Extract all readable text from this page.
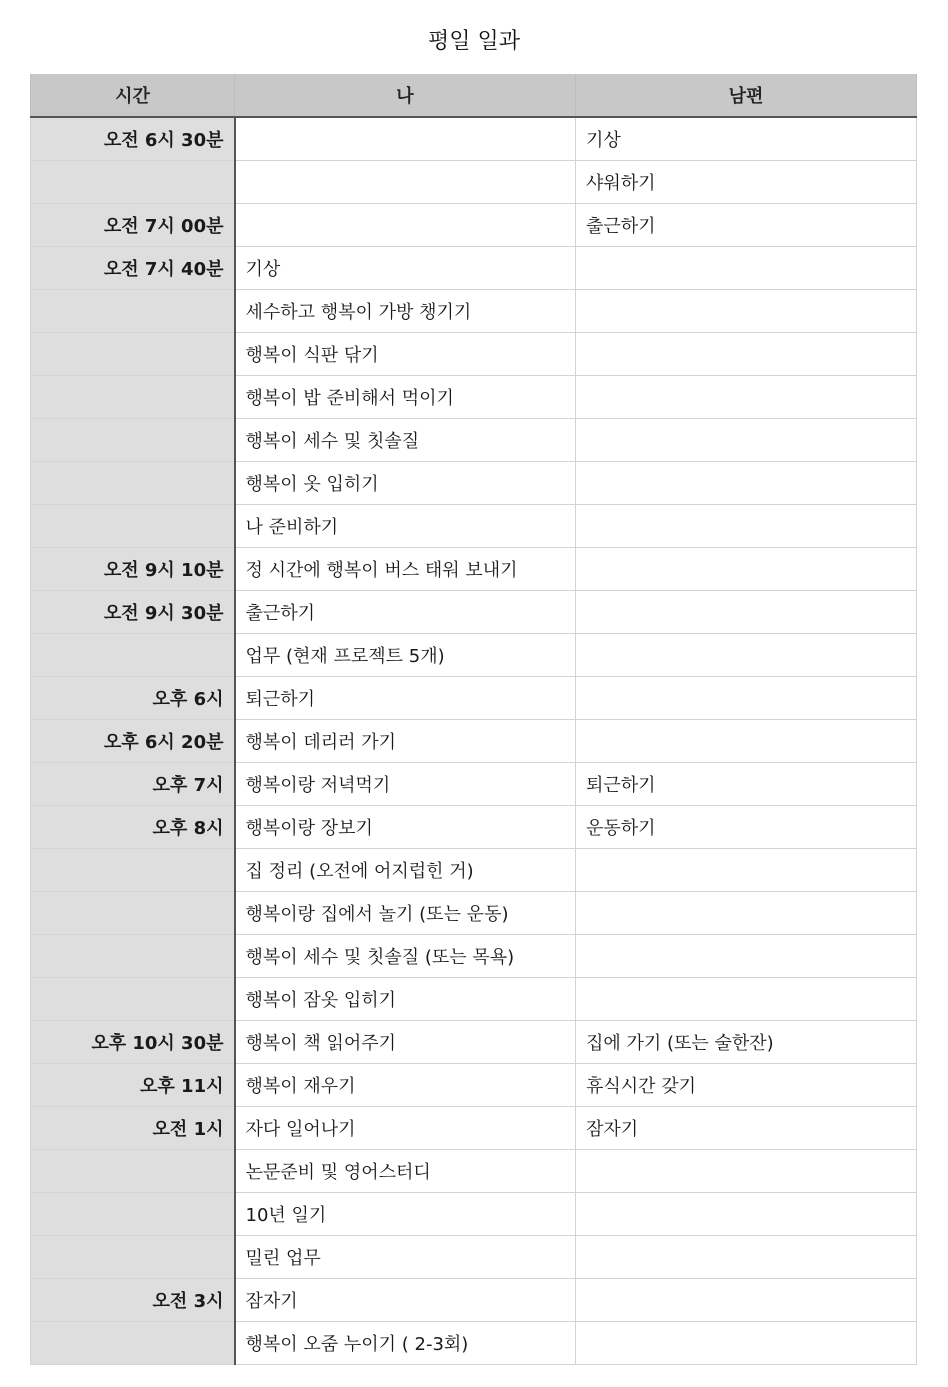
평일 일과
시간	나	남편
오전 6시 30분		기상
		샤워하기
오전 7시 00분		출근하기
오전 7시 40분	기상	
	세수하고 행복이 가방 챙기기	
	행복이 식판 닦기	
	행복이 밥 준비해서 먹이기	
	행복이 세수 및 칫솔질	
	행복이 옷 입히기	
	나 준비하기	
오전 9시 10분	정 시간에 행복이 버스 태워 보내기	
오전 9시 30분	출근하기	
	업무 (현재 프로젝트 5개)	
오후 6시	퇴근하기	
오후 6시 20분	행복이 데리러 가기	
오후 7시	행복이랑 저녁먹기	퇴근하기
오후 8시	행복이랑 장보기	운동하기
	집 정리 (오전에 어지럽힌 거)	
	행복이랑 집에서 놀기 (또는 운동)	
	행복이 세수 및 칫솔질 (또는 목욕)	
	행복이 잠옷 입히기	
오후 10시 30분	행복이 책 읽어주기	집에 가기 (또는 술한잔)
오후 11시	행복이 재우기	휴식시간 갖기
오전 1시	자다 일어나기	잠자기
	논문준비 및 영어스터디	
	10년 일기	
	밀린 업무	
오전 3시	잠자기	
	행복이 오줌 누이기 ( 2-3회)	
